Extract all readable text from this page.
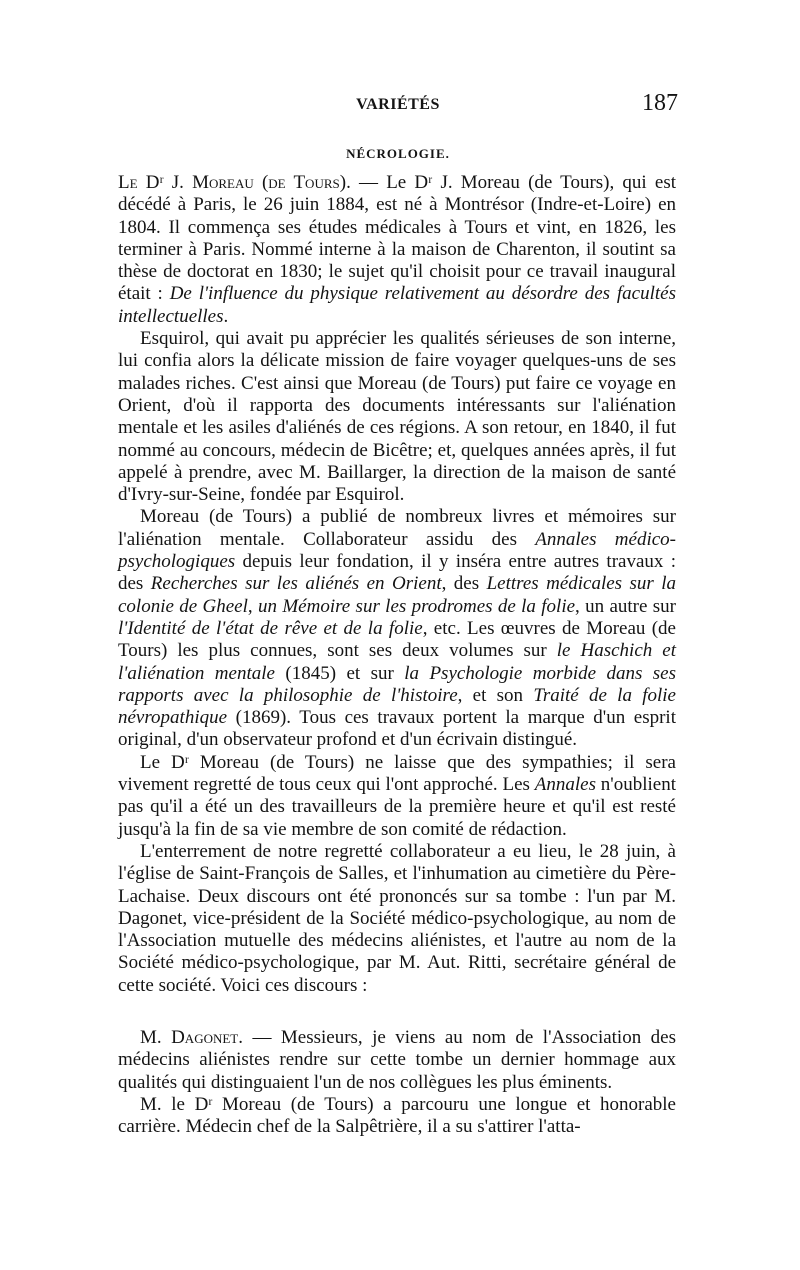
VARIÉTÉS	187
NÉCROLOGIE.

Le Dʳ J. Moreau (de Tours). — Le Dʳ J. Moreau (de Tours), qui est décédé à Paris, le 26 juin 1884, est né à Montrésor (Indre-et-Loire) en 1804. Il commença ses études médicales à Tours et vint, en 1826, les terminer à Paris. Nommé interne à la maison de Charenton, il soutint sa thèse de doctorat en 1830; le sujet qu'il choisit pour ce travail inaugural était : De l'influence du physique relativement au désordre des facultés intellectuelles.

Esquirol, qui avait pu apprécier les qualités sérieuses de son interne, lui confia alors la délicate mission de faire voyager quelques-uns de ses malades riches. C'est ainsi que Moreau (de Tours) put faire ce voyage en Orient, d'où il rapporta des documents intéressants sur l'aliénation mentale et les asiles d'aliénés de ces régions. A son retour, en 1840, il fut nommé au concours, médecin de Bicêtre; et, quelques années après, il fut appelé à prendre, avec M. Baillarger, la direction de la maison de santé d'Ivry-sur-Seine, fondée par Esquirol.

Moreau (de Tours) a publié de nombreux livres et mémoires sur l'aliénation mentale. Collaborateur assidu des Annales médico-psychologiques depuis leur fondation, il y inséra entre autres travaux : des Recherches sur les aliénés en Orient, des Lettres médicales sur la colonie de Gheel, un Mémoire sur les prodromes de la folie, un autre sur l'Identité de l'état de rêve et de la folie, etc. Les œuvres de Moreau (de Tours) les plus connues, sont ses deux volumes sur le Haschich et l'aliénation mentale (1845) et sur la Psychologie morbide dans ses rapports avec la philosophie de l'histoire, et son Traité de la folie névropathique (1869). Tous ces travaux portent la marque d'un esprit original, d'un observateur profond et d'un écrivain distingué.

Le Dʳ Moreau (de Tours) ne laisse que des sympathies; il sera vivement regretté de tous ceux qui l'ont approché. Les Annales n'oublient pas qu'il a été un des travailleurs de la première heure et qu'il est resté jusqu'à la fin de sa vie membre de son comité de rédaction.

L'enterrement de notre regretté collaborateur a eu lieu, le 28 juin, à l'église de Saint-François de Salles, et l'inhumation au cimetière du Père-Lachaise. Deux discours ont été prononcés sur sa tombe : l'un par M. Dagonet, vice-président de la Société médico-psychologique, au nom de l'Association mutuelle des médecins aliénistes, et l'autre au nom de la Société médico-psychologique, par M. Aut. Ritti, secrétaire général de cette société. Voici ces discours :

M. Dagonet. — Messieurs, je viens au nom de l'Association des médecins aliénistes rendre sur cette tombe un dernier hommage aux qualités qui distinguaient l'un de nos collègues les plus éminents.

M. le Dʳ Moreau (de Tours) a parcouru une longue et honorable carrière. Médecin chef de la Salpêtrière, il a su s'attirer l'atta-
